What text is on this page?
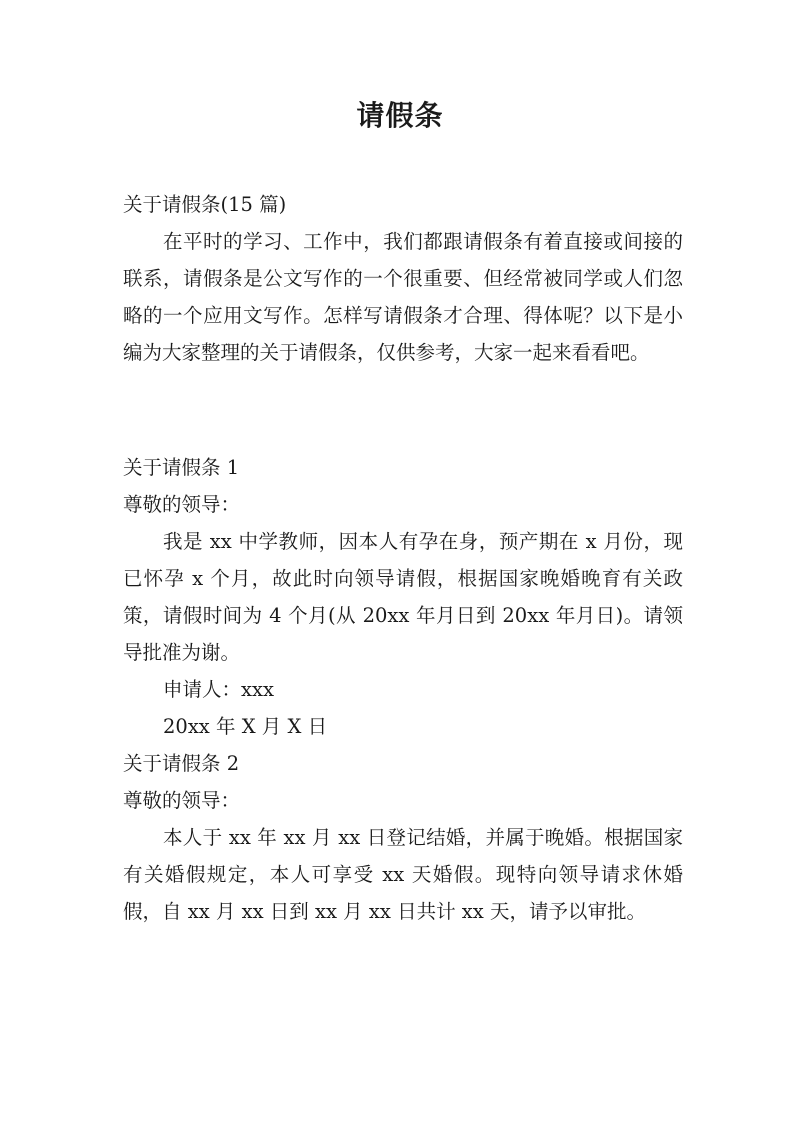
请假条

关于请假条(15 篇)

在平时的学习、工作中，我们都跟请假条有着直接或间接的联系，请假条是公文写作的一个很重要、但经常被同学或人们忽略的一个应用文写作。怎样写请假条才合理、得体呢？以下是小编为大家整理的关于请假条，仅供参考，大家一起来看看吧。

关于请假条 1

尊敬的领导：

我是 xx 中学教师，因本人有孕在身，预产期在 x 月份，现已怀孕 x 个月，故此时向领导请假，根据国家晚婚晚育有关政策，请假时间为 4 个月(从 20xx 年月日到 20xx 年月日)。请领导批准为谢。

申请人：xxx

20xx 年 X 月 X 日

关于请假条 2

尊敬的领导：

本人于 xx 年 xx 月 xx 日登记结婚，并属于晚婚。根据国家有关婚假规定，本人可享受 xx 天婚假。现特向领导请求休婚假，自 xx 月 xx 日到 xx 月 xx 日共计 xx 天，请予以审批。
